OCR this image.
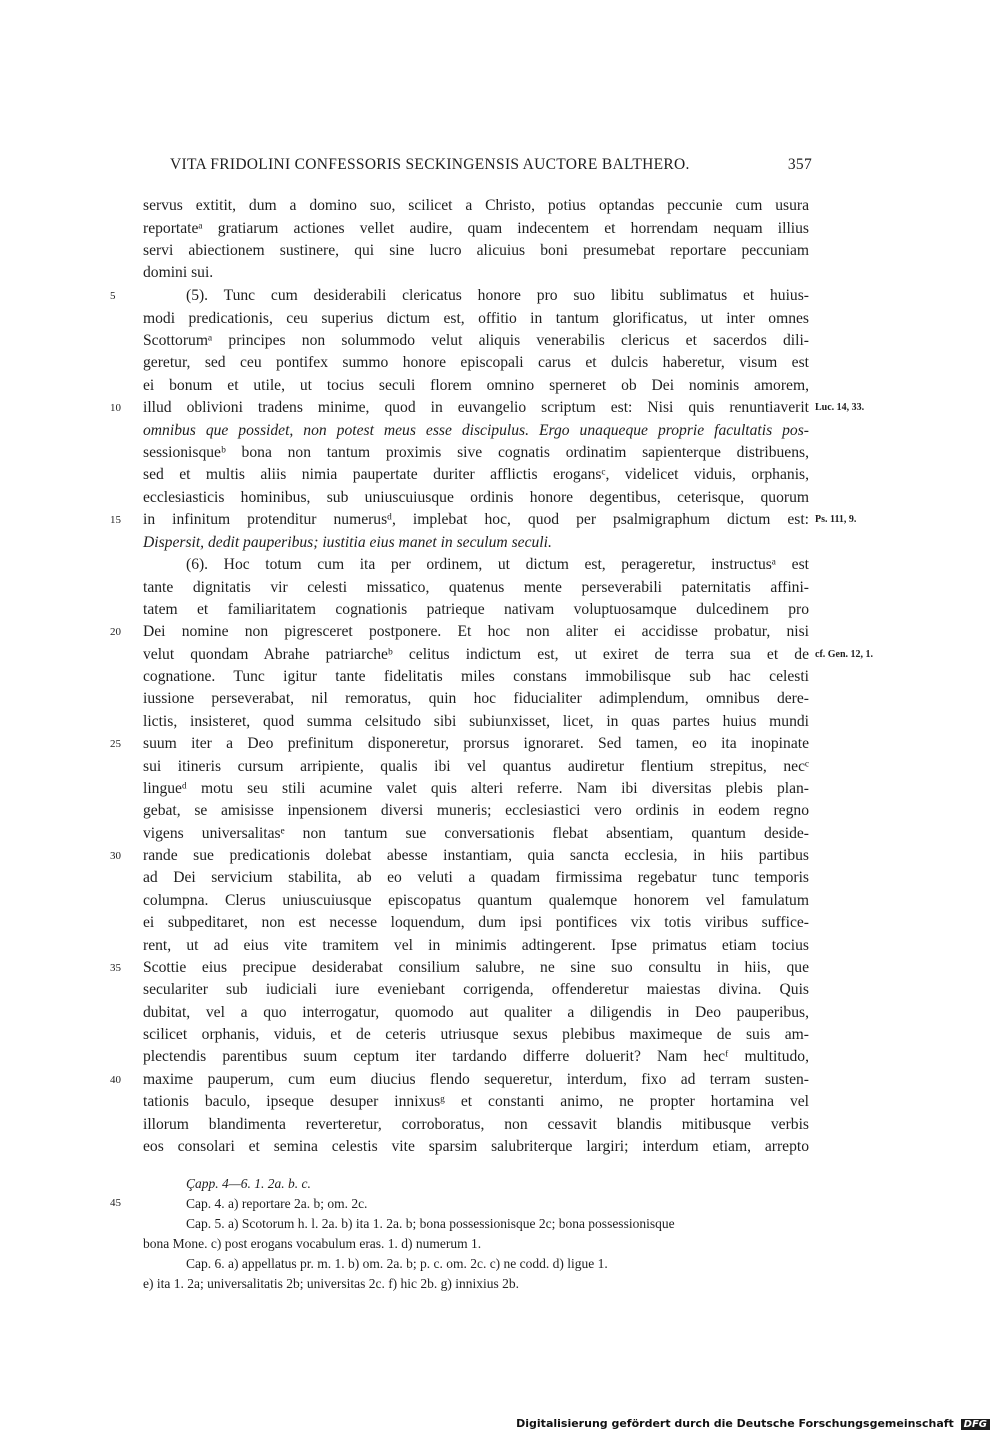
VITA FRIDOLINI CONFESSORIS SECKINGENSIS AUCTORE BALTHERO.	357
servus extitit, dum a domino suo, scilicet a Christo, potius optandas peccunie cum usura
reportateᵃ gratiarum actiones vellet audire, quam indecentem et horrendam nequam illius
servi abiectionem sustinere, qui sine lucro alicuius boni presumebat reportare peccuniam
domini sui.
5	(5). Tunc cum desiderabili clericatus honore pro suo libitu sublimatus et huius-
modi predicationis, ceu superius dictum est, offitio in tantum glorificatus, ut inter omnes
Scottorumᵃ principes non solummodo velut aliquis venerabilis clericus et sacerdos dili-
geretur, sed ceu pontifex summo honore episcopali carus et dulcis haberetur, visum est
ei bonum et utile, ut tocius seculi florem omnino sperneret ob Dei nominis amorem,
10	illud oblivioni tradens minime, quod in euvangelio scriptum est: Nisi quis renuntiaverit Luc. 14, 33.
omnibus que possidet, non potest meus esse discipulus. Ergo unaqueque proprie facultatis pos-
sessionisqueᵇ bona non tantum proximis sive cognatis ordinatim sapienterque distribuens,
sed et multis aliis nimia paupertate duriter afflictis erogansᶜ, videlicet viduis, orphanis,
ecclesiasticis hominibus, sub uniuscuiusque ordinis honore degentibus, ceterisque, quorum
15	in infinitum protenditur numerusᵈ, implebat hoc, quod per psalmigraphum dictum est: Ps. 111, 9.
Dispersit, dedit pauperibus; iustitia eius manet in seculum seculi.
(6). Hoc totum cum ita per ordinem, ut dictum est, perageretur, instructusᵃ est
tante dignitatis vir celesti missatico, quatenus mente perseverabili paternitatis affini-
tatem et familiaritatem cognationis patrieque nativam voluptuosamque dulcedinem pro
20	Dei nomine non pigresceret postponere. Et hoc non aliter ei accidisse probatur, nisi
velut quondam Abrahe patriarcheᵇ celitus indictum est, ut exiret de terra sua et de cf. Gen. 12, 1.
cognatione. Tunc igitur tante fidelitatis miles constans immobilisque sub hac celesti
iussione perseverabat, nil remoratus, quin hoc fiducialiter adimplendum, omnibus dere-
lictis, insisteret, quod summa celsitudo sibi subiunxisset, licet, in quas partes huius mundi
25	suum iter a Deo prefinitum disponeretur, prorsus ignoraret. Sed tamen, eo ita inopinate
sui itineris cursum arripiente, qualis ibi vel quantus audiretur flentium strepitus, necᶜ
lingueᵈ motu seu stili acumine valet quis alteri referre. Nam ibi diversitas plebis plan-
gebat, se amisisse inpensionem diversi muneris; ecclesiastici vero ordinis in eodem regno
vigens universalitasᵉ non tantum sue conversationis flebat absentiam, quantum deside-
30	rande sue predicationis dolebat abesse instantiam, quia sancta ecclesia, in hiis partibus
ad Dei servicium stabilita, ab eo veluti a quadam firmissima regebatur tunc temporis
columpna. Clerus uniuscuiusque episcopatus quantum qualemque honorem vel famulatum
ei subpeditaret, non est necesse loquendum, dum ipsi pontifices vix totis viribus suffice-
rent, ut ad eius vite tramitem vel in minimis adtingerent. Ipse primatus etiam tocius
35	Scottie eius precipue desiderabat consilium salubre, ne sine suo consultu in hiis, que
seculariter sub iudiciali iure eveniebant corrigenda, offenderetur maiestas divina. Quis
dubitat, vel a quo interrogatur, quomodo aut qualiter a diligendis in Deo pauperibus,
scilicet orphanis, viduis, et de ceteris utriusque sexus plebibus maximeque de suis am-
plectendis parentibus suum ceptum iter tardando differre doluerit? Nam hecᶠ multitudo,
40	maxime pauperum, cum eum diucius flendo sequeretur, interdum, fixo ad terram susten-
tationis baculo, ipseque desuper innixusᵍ et constanti animo, ne propter hortamina vel
illorum blandimenta reverteretur, corroboratus, non cessavit blandis mitibusque verbis
eos consolari et semina celestis vite sparsim salubriterque largiri; interdum etiam, arrepto
Çapp. 4—6. 1. 2a. b. c.
45	Cap. 4. a) reportare 2a. b; om. 2c.
Cap. 5. a) Scotorum h. l. 2a. b) ita 1. 2a. b; bona possessionisque 2c; bona possessionisque
bona Mone. c) post erogans vocabulum eras. 1. d) numerum 1.
Cap. 6. a) appellatus pr. m. 1. b) om. 2a. b; p. c. om. 2c. c) ne codd. d) ligue 1.
e) ita 1. 2a; universalitatis 2b; universitas 2c. f) hic 2b. g) innixius 2b.
Digitalisierung gefördert durch die Deutsche Forschungsgemeinschaft DFG
